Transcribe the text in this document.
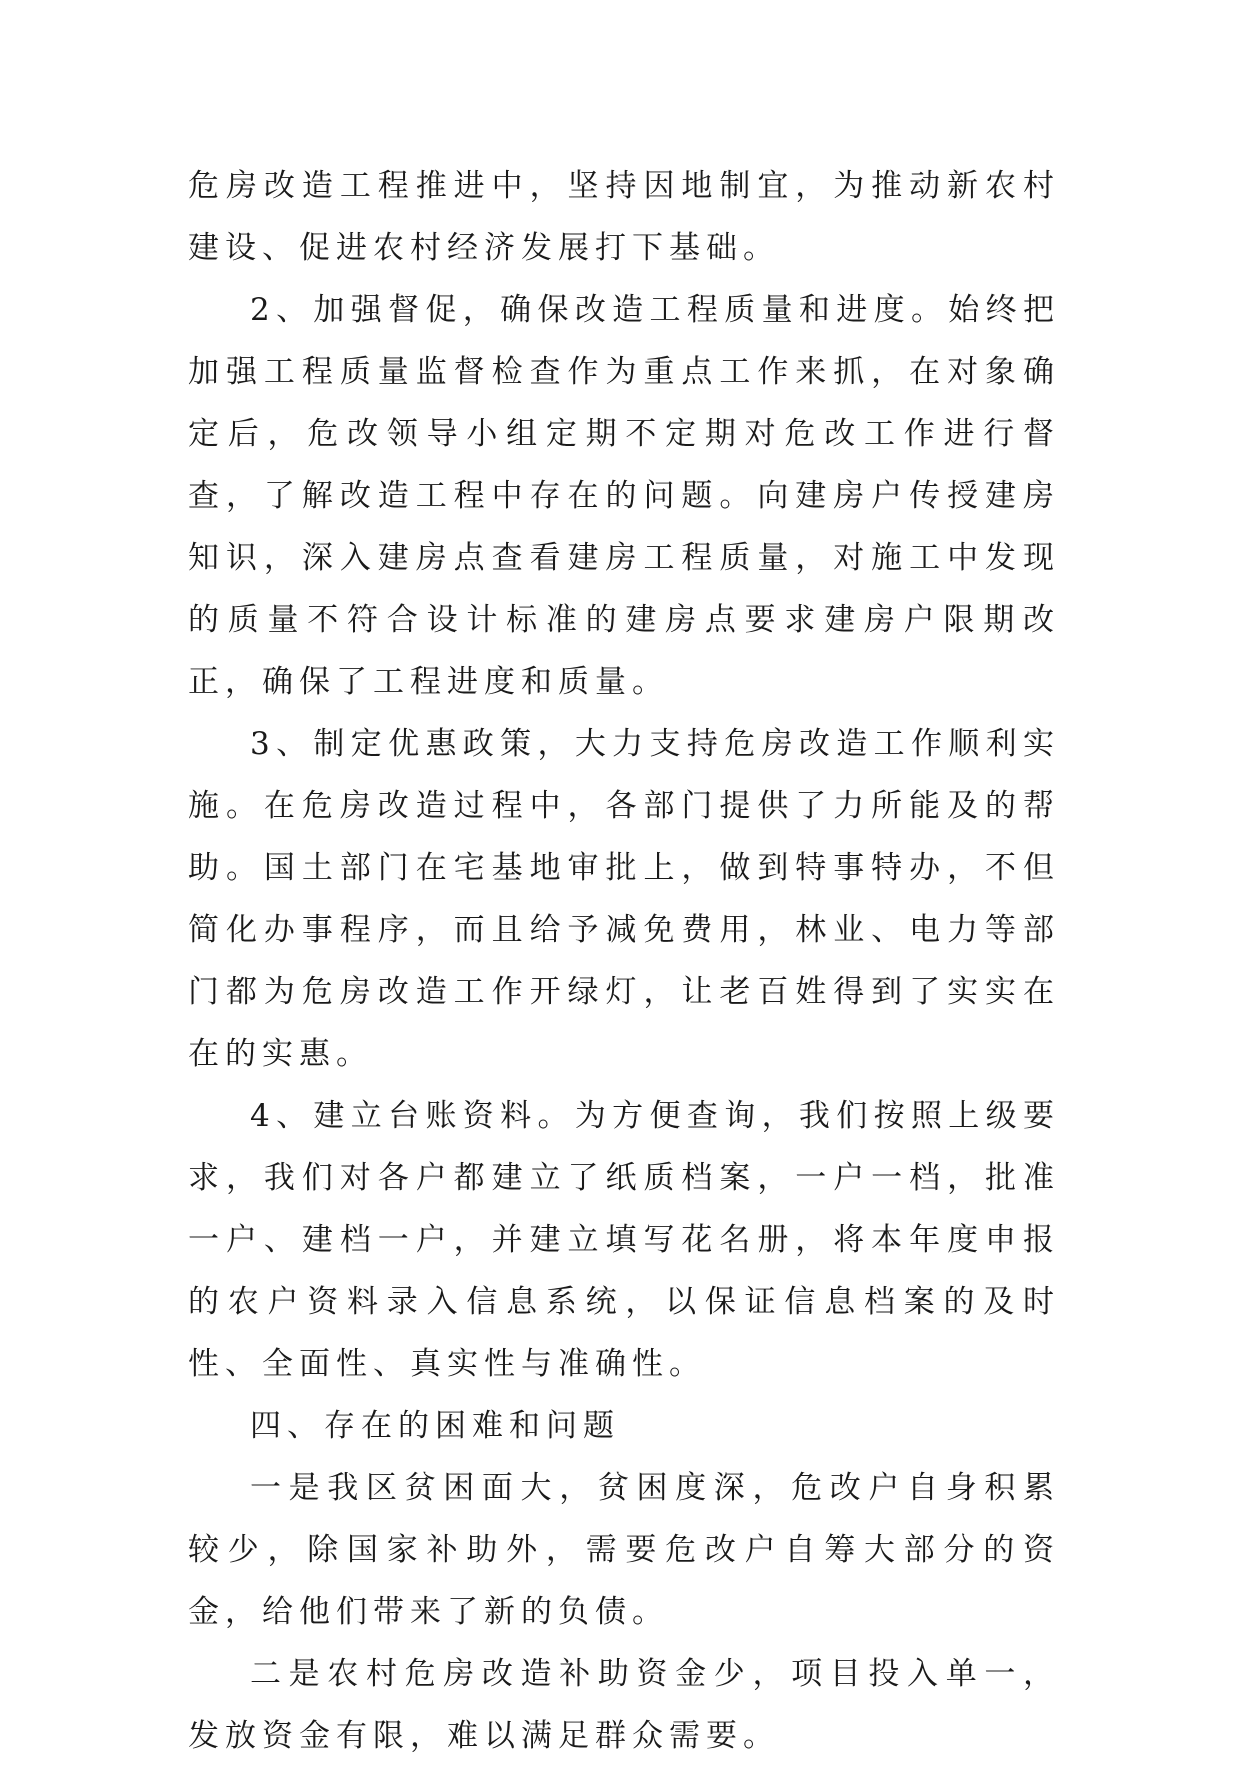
危房改造工程推进中，坚持因地制宜，为推动新农村建设、促进农村经济发展打下基础。

2、加强督促，确保改造工程质量和进度。始终把加强工程质量监督检查作为重点工作来抓，在对象确定后，危改领导小组定期不定期对危改工作进行督查，了解改造工程中存在的问题。向建房户传授建房知识，深入建房点查看建房工程质量，对施工中发现的质量不符合设计标准的建房点要求建房户限期改正，确保了工程进度和质量。

3、制定优惠政策，大力支持危房改造工作顺利实施。在危房改造过程中，各部门提供了力所能及的帮助。国土部门在宅基地审批上，做到特事特办，不但简化办事程序，而且给予减免费用，林业、电力等部门都为危房改造工作开绿灯，让老百姓得到了实实在在的实惠。

4、建立台账资料。为方便查询，我们按照上级要求，我们对各户都建立了纸质档案，一户一档，批准一户、建档一户，并建立填写花名册，将本年度申报的农户资料录入信息系统，以保证信息档案的及时性、全面性、真实性与准确性。

四、存在的困难和问题

一是我区贫困面大，贫困度深，危改户自身积累较少，除国家补助外，需要危改户自筹大部分的资金，给他们带来了新的负债。

二是农村危房改造补助资金少，项目投入单一，发放资金有限，难以满足群众需要。
